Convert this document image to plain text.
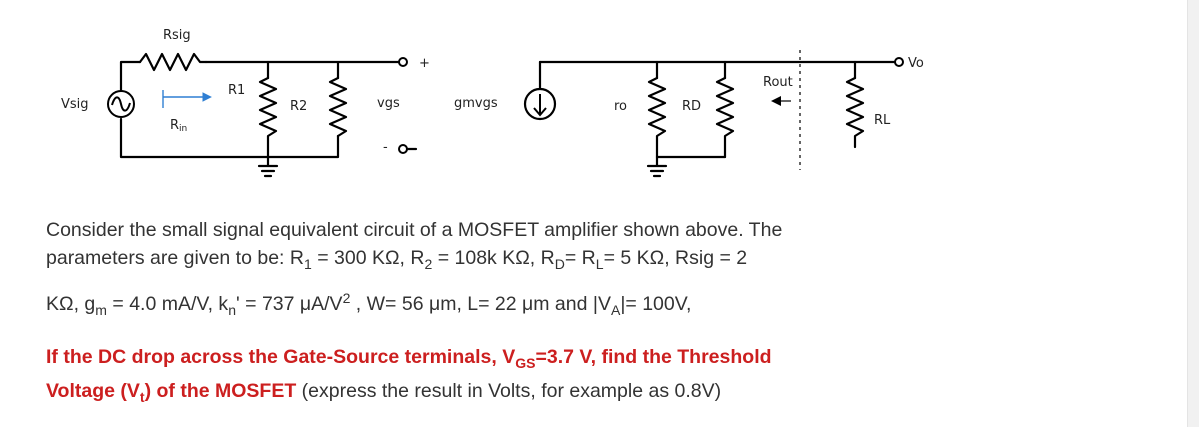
Rsig
Vsig
Rin
R1
R2
+
-
vgs	gmvgs	ro	RD
Rout
RL
Vo
Consider the small signal equivalent circuit of a MOSFET amplifier shown above. The
parameters are given to be: $R_1 = 300$ KΩ, $R_2 = 108k$ KΩ, $R_D= R_L= 5$ KΩ, Rsig = 2
KΩ, $g_m = 4.0$ mA/V, $k_n' = 737$ $\mu A/V^2$ , W= 56 μm, L= 22 μm and $|V_A|= 100V$,
If the DC drop across the Gate-Source terminals, $V_{GS}=3.7$ V, find the Threshold
Voltage $(V_t)$ of the MOSFET (express the result in Volts, for example as 0.8V)
